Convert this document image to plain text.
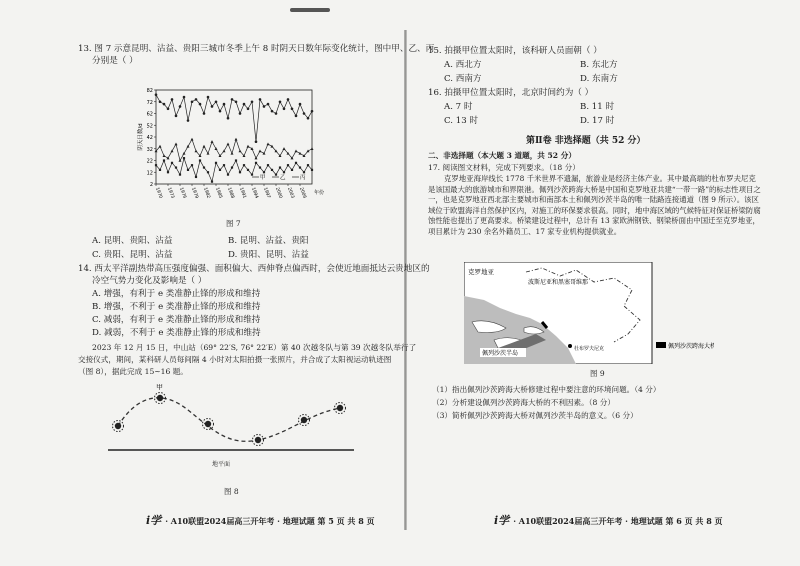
13. 图 7 示意昆明、沾益、贵阳三城市冬季上午 8 时阴天日数年际变化统计，图中甲、乙、丙
分别是（ ）
2
12
22
32
42
52
62
72
82
1970 1973 1976 1979 1982 1985 1988 1991 1994 1997 2000 2003 2006
阴天日数/d
年份
甲	乙	丙
图 7
A. 昆明、贵阳、沾益	B. 昆明、沾益、贵阳
C. 贵阳、昆明、沾益	D. 贵阳、昆明、沾益
14. 西太平洋副热带高压强度偏强、面积偏大、西伸脊点偏西时，会使近地面抵达云贵地区的
冷空气势力变化及影响是（ ）
A. 增强，有利于 e 类准静止锋的形成和维持
B. 增强，不利于 e 类准静止锋的形成和维持
C. 减弱，有利于 e 类准静止锋的形成和维持
D. 减弱，不利于 e 类准静止锋的形成和维持
2023 年 12 月 15 日，中山站（69° 22′S, 76° 22′E）第 40 次越冬队与第 39 次越冬队举行了
交接仪式，期间，某科研人员每间隔 4 小时对太阳拍摄一张照片，并合成了太阳视运动轨迹图
（图 8），据此完成 15~16 题。
甲
地平面
图 8
i学 · A10联盟2024届高三开年考 · 地理试题 第 5 页 共 8 页
15. 拍摄甲位置太阳时，该科研人员面朝（ ）
A. 西北方	B. 东北方
C. 西南方	D. 东南方
16. 拍摄甲位置太阳时，北京时间约为（ ）
A. 7 时	B. 11 时
C. 13 时	D. 17 时
第Ⅱ卷 非选择题（共 52 分）
二、非选择题（本大题 3 道题，共 52 分）
17. 阅读图文材料，完成下列要求。（18 分）
克罗地亚海岸线长 1778 千米世界不遗漏，旅游业是经济主体产业。其中最高端的杜布罗夫尼克是该国最大的旅游城市和界限港。佩列沙茨跨海大桥是中国和克罗地亚共建“一带一路”的标志性项目之一，也是克罗地亚西北部主要城市和南部本土和佩列沙茨半岛的唯一陆路连接通道（图 9 所示）。该区域位于欧盟海洋自然保护区内，对施工的环保要求很高。同时，地中海区域的气候特征对保证桥梁防腐蚀性能也提出了更高要求。桥梁建设过程中，总计有 13 家欧洲钢铁、钢梁桥面由中国迁至克罗地亚，项目累计为 230 余名外籍员工、17 家专业机构提供就业。
图 9
（1）指出佩列沙茨跨海大桥修建过程中要注意的环境问题。（4 分）
（2）分析建设佩列沙茨跨海大桥的不利因素。（8 分）
（3）简析佩列沙茨跨海大桥对佩列沙茨半岛的意义。（6 分）
i学 · A10联盟2024届高三开年考 · 地理试题 第 6 页 共 8 页
克罗地亚
波斯尼亚和黑塞哥维那
佩列沙茨半岛
杜布罗夫尼克	佩列沙茨跨海大桥
